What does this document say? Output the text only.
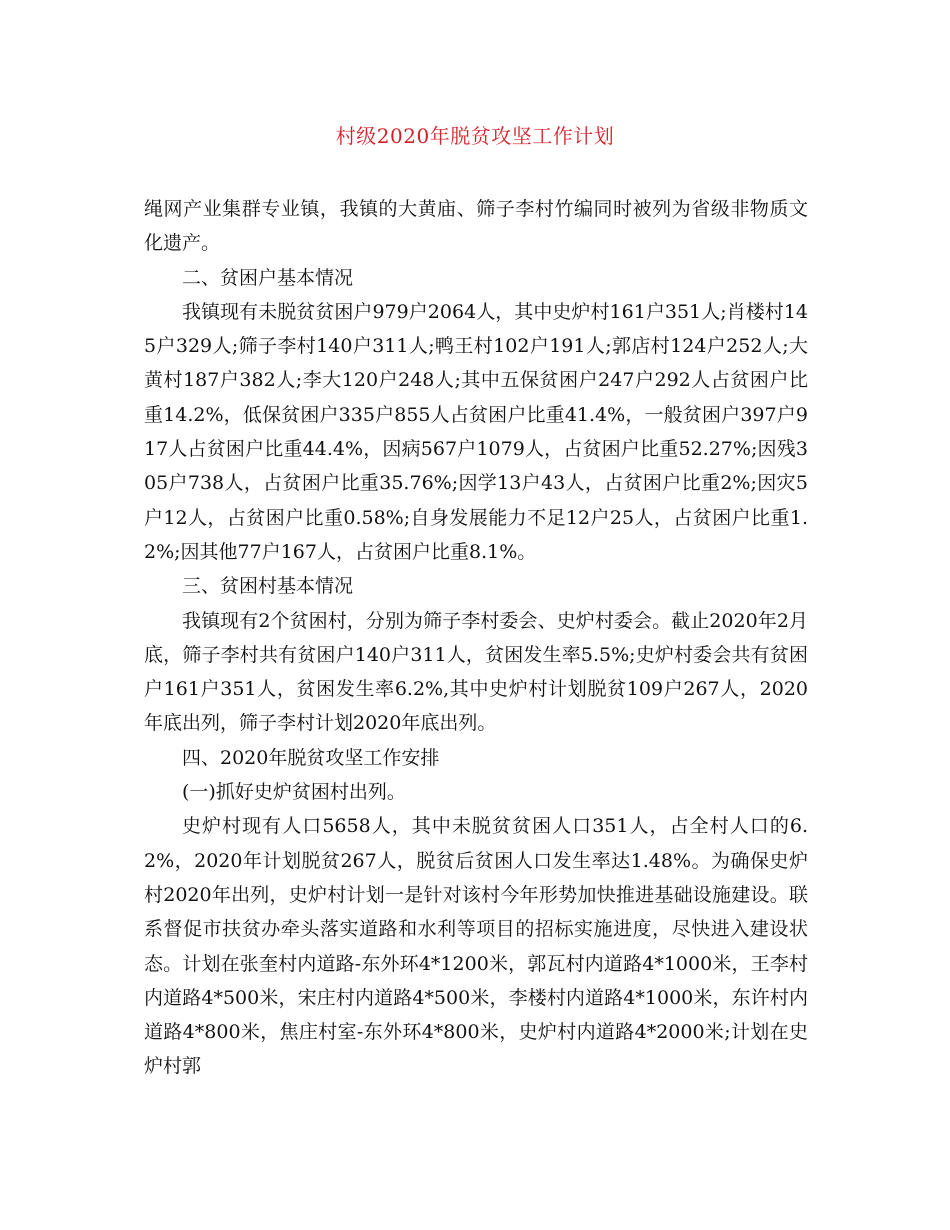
村级2020年脱贫攻坚工作计划

绳网产业集群专业镇，我镇的大黄庙、筛子李村竹编同时被列为省级非物质文化遗产。

二、贫困户基本情况

我镇现有未脱贫贫困户979户2064人，其中史炉村161户351人;肖楼村145户329人;筛子李村140户311人;鸭王村102户191人;郭店村124户252人;大黄村187户382人;李大120户248人;其中五保贫困户247户292人占贫困户比重14.2%，低保贫困户335户855人占贫困户比重41.4%，一般贫困户397户917人占贫困户比重44.4%，因病567户1079人，占贫困户比重52.27%;因残305户738人，占贫困户比重35.76%;因学13户43人，占贫困户比重2%;因灾5户12人，占贫困户比重0.58%;自身发展能力不足12户25人，占贫困户比重1.2%;因其他77户167人，占贫困户比重8.1%。

三、贫困村基本情况

我镇现有2个贫困村，分别为筛子李村委会、史炉村委会。截止2020年2月底，筛子李村共有贫困户140户311人，贫困发生率5.5%;史炉村委会共有贫困户161户351人，贫困发生率6.2%,其中史炉村计划脱贫109户267人，2020年底出列，筛子李村计划2020年底出列。

四、2020年脱贫攻坚工作安排

(一)抓好史炉贫困村出列。

史炉村现有人口5658人，其中未脱贫贫困人口351人，占全村人口的6.2%，2020年计划脱贫267人，脱贫后贫困人口发生率达1.48%。为确保史炉村2020年出列，史炉村计划一是针对该村今年形势加快推进基础设施建设。联系督促市扶贫办牵头落实道路和水利等项目的招标实施进度，尽快进入建设状态。计划在张奎村内道路-东外环4*1200米，郭瓦村内道路4*1000米，王李村内道路4*500米，宋庄村内道路4*500米，李楼村内道路4*1000米，东许村内道路4*800米，焦庄村室-东外环4*800米，史炉村内道路4*2000米;计划在史炉村郭
